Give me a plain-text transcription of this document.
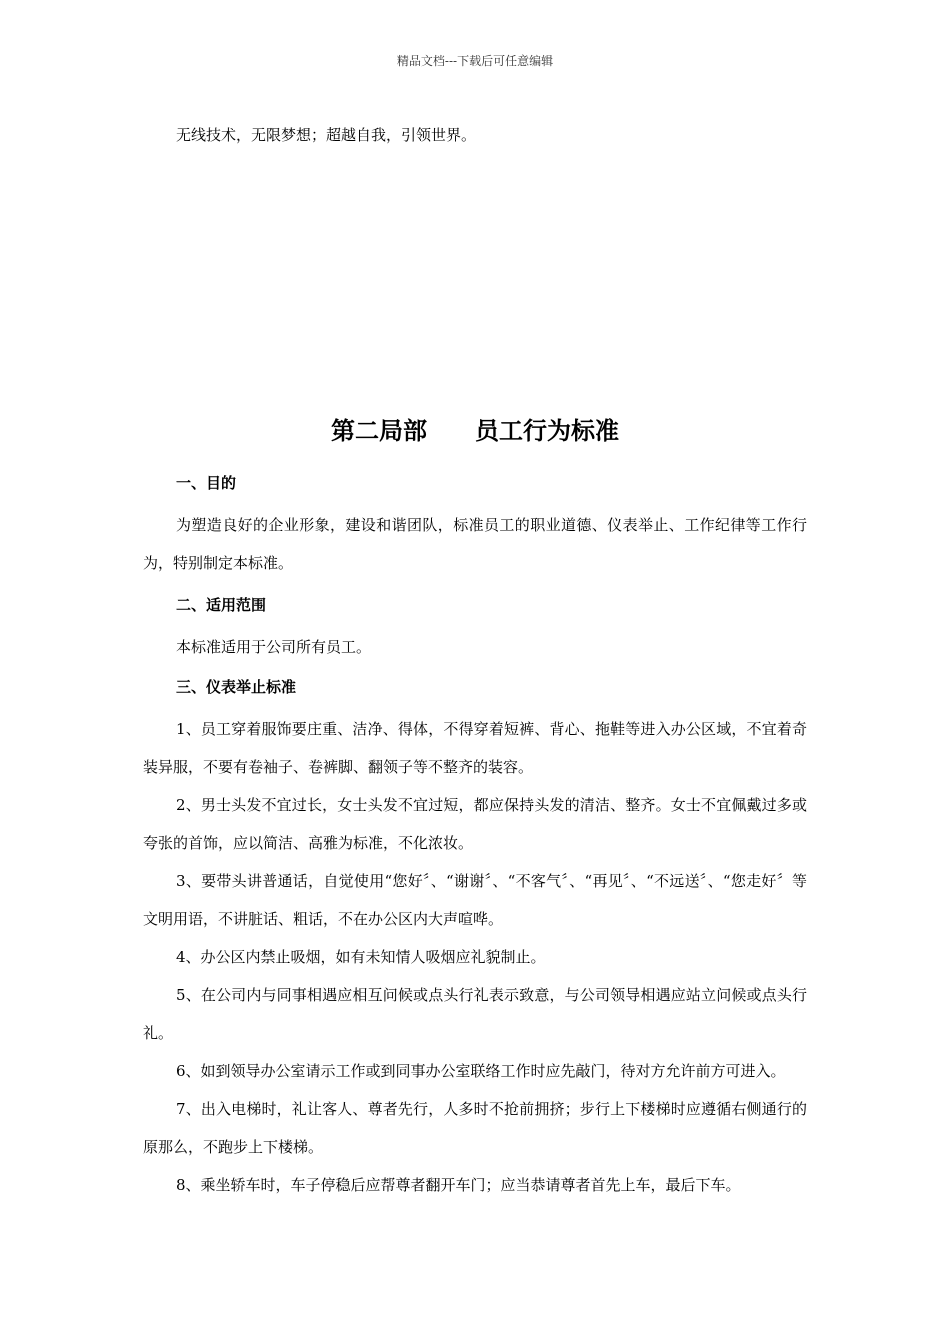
精品文档---下载后可任意编辑
无线技术，无限梦想；超越自我，引领世界。
第二局部　　员工行为标准
一、目的

为塑造良好的企业形象，建设和谐团队，标准员工的职业道德、仪表举止、工作纪律等工作行为，特别制定本标准。

二、适用范围

本标准适用于公司所有员工。

三、仪表举止标准

1、员工穿着服饰要庄重、洁净、得体，不得穿着短裤、背心、拖鞋等进入办公区域，不宜着奇装异服，不要有卷袖子、卷裤脚、翻领子等不整齐的装容。

2、男士头发不宜过长，女士头发不宜过短，都应保持头发的清洁、整齐。女士不宜佩戴过多或夸张的首饰，应以简洁、高雅为标准，不化浓妆。

3、要带头讲普通话，自觉使用“您好〞、“谢谢〞、“不客气〞、“再见〞、“不远送〞、“您走好〞等文明用语，不讲脏话、粗话，不在办公区内大声喧哗。

4、办公区内禁止吸烟，如有未知情人吸烟应礼貌制止。

5、在公司内与同事相遇应相互问候或点头行礼表示致意，与公司领导相遇应站立问候或点头行礼。

6、如到领导办公室请示工作或到同事办公室联络工作时应先敲门，待对方允许前方可进入。

7、出入电梯时，礼让客人、尊者先行，人多时不抢前拥挤；步行上下楼梯时应遵循右侧通行的原那么，不跑步上下楼梯。

8、乘坐轿车时，车子停稳后应帮尊者翻开车门；应当恭请尊者首先上车，最后下车。
